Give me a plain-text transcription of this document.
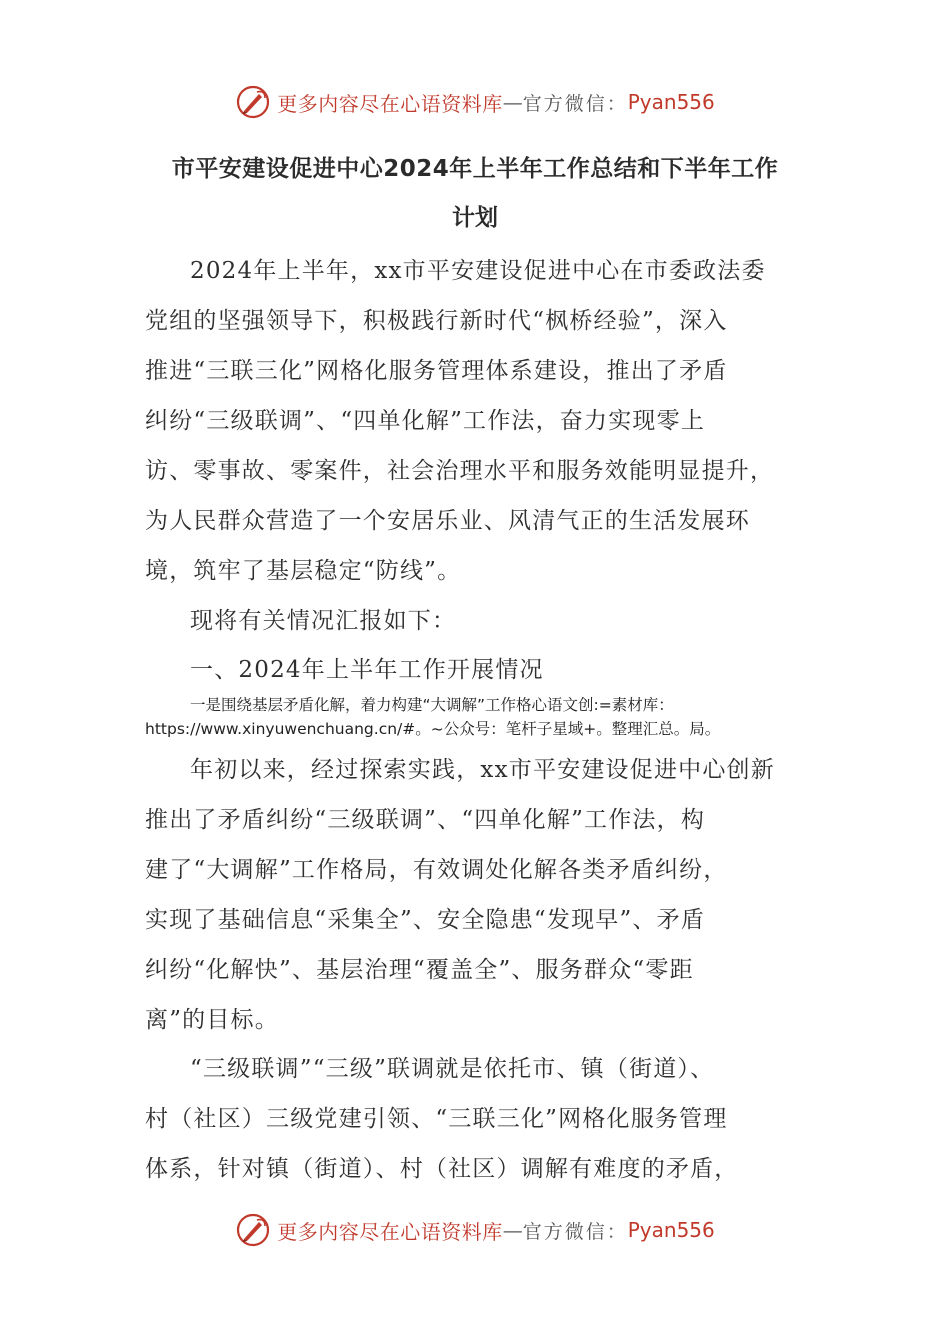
更多内容尽在心语资料库 — 官方微信： Pyan556
市平安建设促进中心2024年上半年工作总结和下半年工作
计划
2024年上半年，xx市平安建设促进中心在市委政法委
党组的坚强领导下，积极践行新时代“枫桥经验”，深入
推进“三联三化”网格化服务管理体系建设，推出了矛盾
纠纷“三级联调”、“四单化解”工作法，奋力实现零上
访、零事故、零案件，社会治理水平和服务效能明显提升，
为人民群众营造了一个安居乐业、风清气正的生活发展环
境，筑牢了基层稳定“防线”。
现将有关情况汇报如下：
一、2024年上半年工作开展情况
一是围绕基层矛盾化解，着力构建“大调解”工作格心语文创:=素材库：
https://www.xinyuwenchuang.cn/#。~公众号：笔杆子星域+。整理汇总。局。
年初以来，经过探索实践，xx市平安建设促进中心创新
推出了矛盾纠纷“三级联调”、“四单化解”工作法，构
建了“大调解”工作格局，有效调处化解各类矛盾纠纷，
实现了基础信息“采集全”、安全隐患“发现早”、矛盾
纠纷“化解快”、基层治理“覆盖全”、服务群众“零距
离”的目标。
“三级联调”“三级”联调就是依托市、镇（街道）、
村（社区）三级党建引领、“三联三化”网格化服务管理
体系，针对镇（街道）、村（社区）调解有难度的矛盾，
更多内容尽在心语资料库 — 官方微信： Pyan556
